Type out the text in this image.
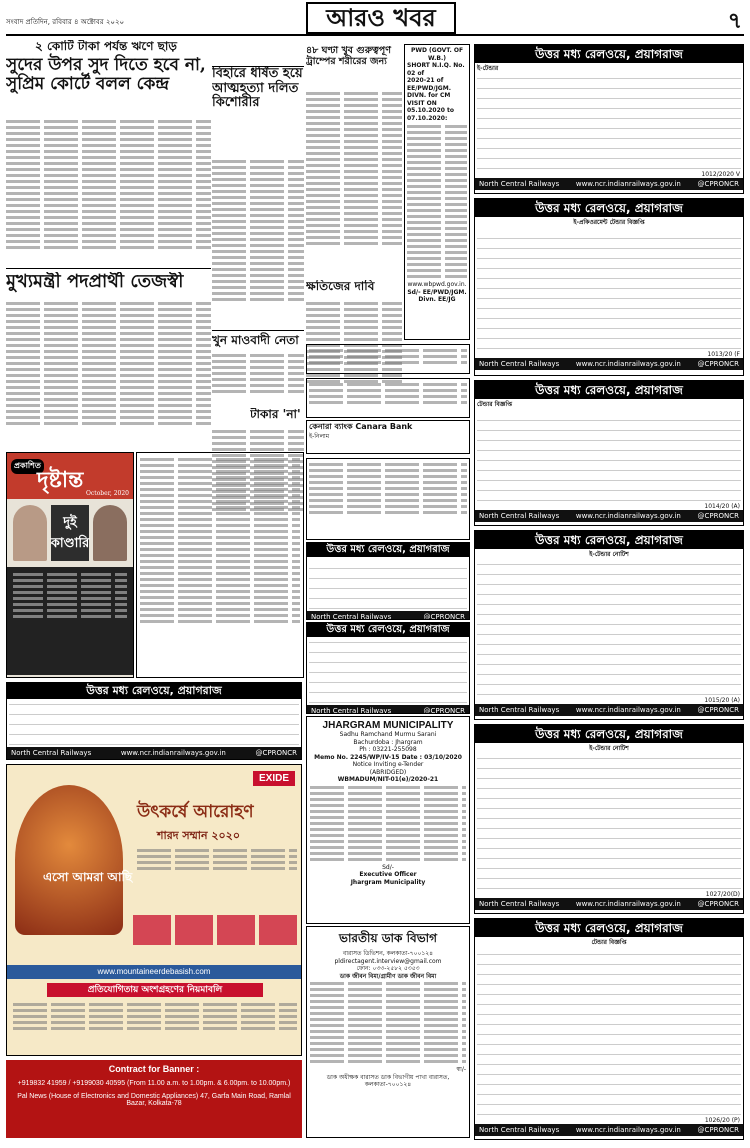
সংবাদ প্রতিদিন, রবিবার ৪ অক্টোবর ২০২০	আরও খবর	৭
২ কোটি টাকা পর্যন্ত ঋণে ছাড়
সুদের উপর সুদ দিতে হবে না, সুপ্রিম কোর্টে বলল কেন্দ্র
মুখ্যমন্ত্রী পদপ্রার্থী তেজস্বী
বিহারে ধর্ষিত হয়ে আত্মহত্যা দলিত কিশোরীর
খুন মাওবাদী নেতা
টাকার 'না'
৪৮ ঘণ্টা খুব গুরুত্বপূর্ণ ট্রাম্পের শরীরের জন্য
ক্ষতিজের দাবি
PWD (GOVT. OF W.B.)
SHORT N.I.Q. No. 02 of
2020-21 of EE/PWD/JGM.
DIVN. for CM VISIT ON
05.10.2020 to 07.10.2020:
www.wbpwd.gov.in.
Sd/- EE/PWD/JGM. Divn. EE/JG
কেনারা ব্যাংক Canara Bank
ই-নিলাম
প্রকাশিত
দৃষ্টান্ত
October, 2020
দুই কাণ্ডারি	উত্তর মধ্য রেলওয়ে, প্রয়াগরাজ
North Central Railways	@CPRONCR
উত্তর মধ্য রেলওয়ে, প্রয়াগরাজ
North Central Railways	@CPRONCR
JHARGRAM MUNICIPALITY
Sadhu Ramchand Murmu Sarani
Bachurdoba : Jhargram
Ph : 03221-255098
Memo No. 2245/WP/IV-15 Date : 03/10/2020
Notice Inviting e-Tender
(ABRIDGED)
WBMADUM/NIT-01(e)/2020-21
Sd/-
Executive Officer
Jhargram Municipality
ভারতীয় ডাক বিভাগ
বারাসত ডিভিশন, কলকাতা-৭০০১২৪
pldirectagent.interview@gmail.com
ফোন: ০৩৩-২৫৮২ ৫৩৫৩
ডাক জীবন বিমা/গ্রামীণ ডাক জীবন বিমা
স্বা/-
ডাক অধীক্ষক বারাসত ডাক বিভাগীয় পাখা বারাসত,
কলকাতা-৭০০১২৪
উত্তর মধ্য রেলওয়ে, প্রয়াগরাজ
North Central Railways	www.ncr.indianrailways.gov.in	@CPRONCR
EXIDE
উৎকর্ষে আরোহণ
শারদ সম্মান ২০২০
এসো আমরা আছি
www.mountaineerdebasish.com
প্রতিযোগিতায় অংশগ্রহণের নিয়মাবলি
Contract for Banner :
+919832 41959 / +9199030 40595 (From 11.00 a.m. to 1.00pm. & 6.00pm. to 10.00pm.)
Pal News (House of Electronics and Domestic Appliances) 47, Garfa Main Road, Ramlal Bazar, Kolkata-78
উত্তর মধ্য রেলওয়ে, প্রয়াগরাজ
ই-টেন্ডার
1012/2020 V
North Central Railways www.ncr.indianrailways.gov.in @CPRONCR
উত্তর মধ্য রেলওয়ে, প্রয়াগরাজ
ই-প্রকিওরমেন্ট টেন্ডার বিজ্ঞপ্তি
1013/20 (F
North Central Railways www.ncr.indianrailways.gov.in @CPRONCR
উত্তর মধ্য রেলওয়ে, প্রয়াগরাজ
টেন্ডার বিজ্ঞপ্তি
1014/20 (A)
North Central Railways www.ncr.indianrailways.gov.in @CPRONCR
উত্তর মধ্য রেলওয়ে, প্রয়াগরাজ
ই-টেন্ডার নোটিশ
1015/20 (A)
North Central Railways www.ncr.indianrailways.gov.in @CPRONCR
উত্তর মধ্য রেলওয়ে, প্রয়াগরাজ
ই-টেন্ডার নোটিশ
1027/20(D)
North Central Railways www.ncr.indianrailways.gov.in @CPRONCR
উত্তর মধ্য রেলওয়ে, প্রয়াগরাজ
টেন্ডার বিজ্ঞপ্তি
1026/20 (P)
North Central Railways www.ncr.indianrailways.gov.in @CPRONCR
